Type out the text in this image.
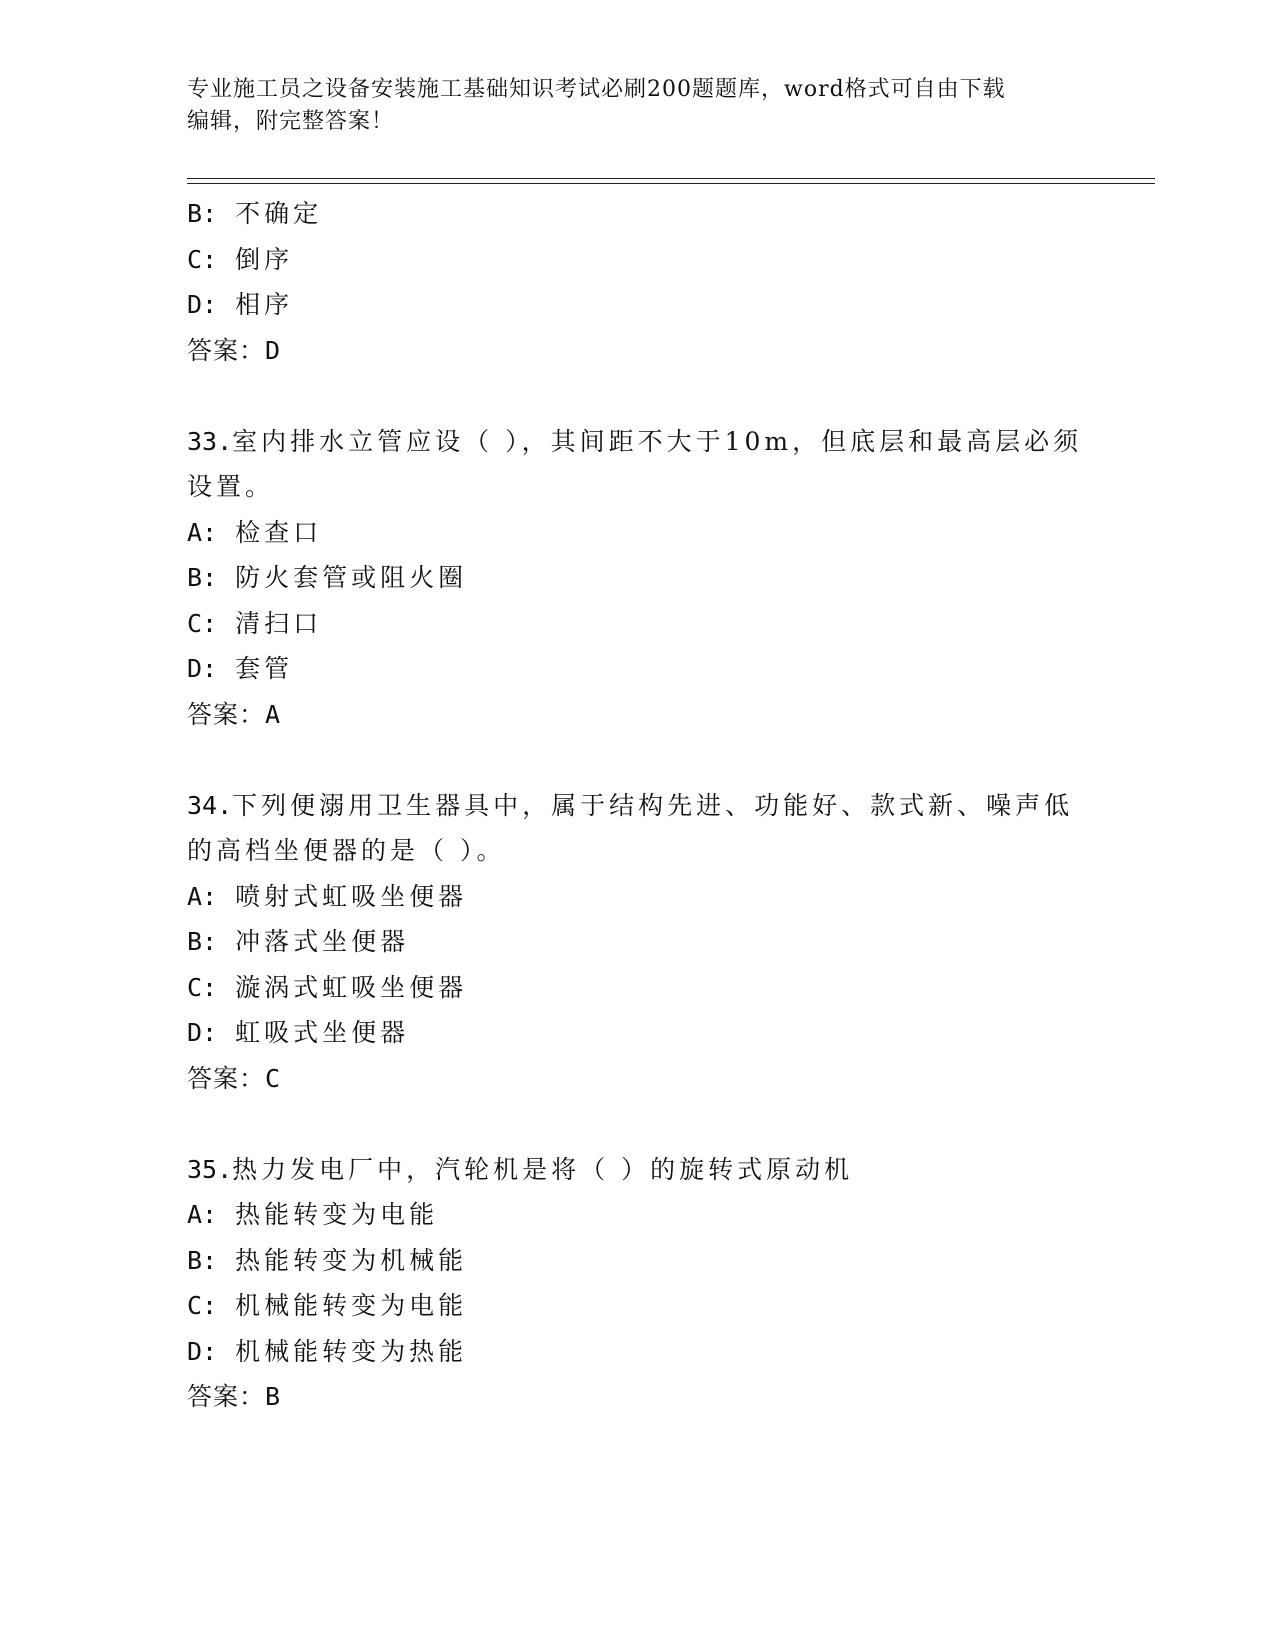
专业施工员之设备安装施工基础知识考试必刷200题题库，word格式可自由下载
编辑，附完整答案！
B: 不确定
C: 倒序
D: 相序
答案：D
33.室内排水立管应设（ ），其间距不大于10m，但底层和最高层必须
设置。
A: 检查口
B: 防火套管或阻火圈
C: 清扫口
D: 套管
答案：A
34.下列便溺用卫生器具中，属于结构先进、功能好、款式新、噪声低
的高档坐便器的是（ ）。
A: 喷射式虹吸坐便器
B: 冲落式坐便器
C: 漩涡式虹吸坐便器
D: 虹吸式坐便器
答案：C
35.热力发电厂中，汽轮机是将（ ）的旋转式原动机
A: 热能转变为电能
B: 热能转变为机械能
C: 机械能转变为电能
D: 机械能转变为热能
答案：B
